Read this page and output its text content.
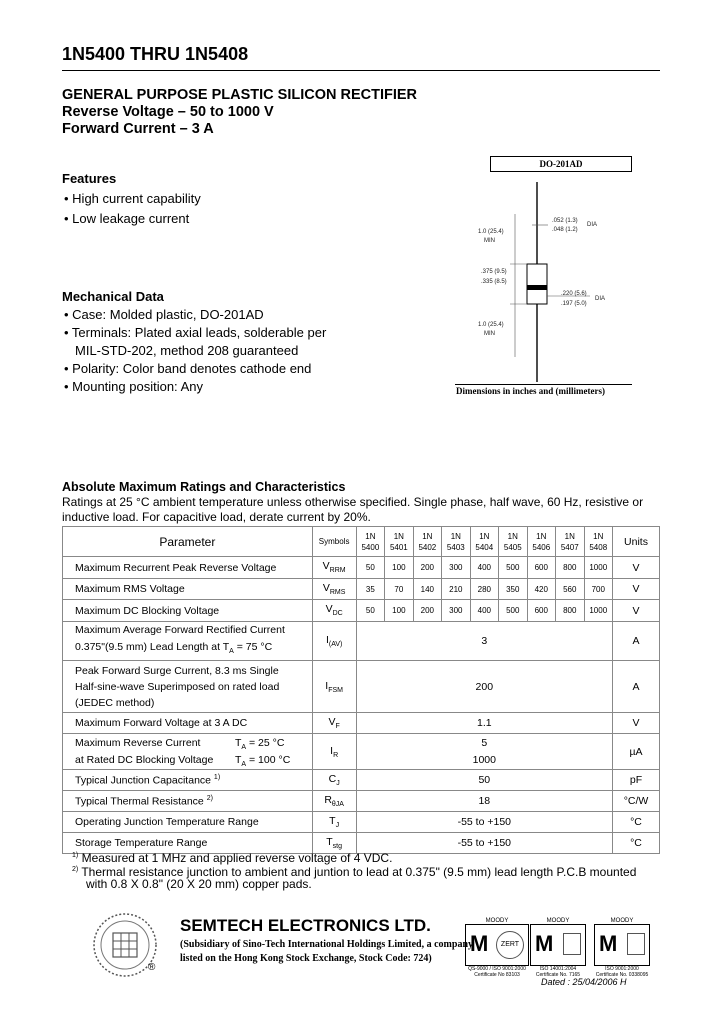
1N5400 THRU 1N5408
GENERAL PURPOSE PLASTIC SILICON RECTIFIER
Reverse Voltage – 50 to 1000 V
Forward Current – 3 A
Features
• High current capability
• Low leakage current
Mechanical Data
• Case: Molded plastic, DO-201AD
• Terminals: Plated axial leads, solderable per
MIL-STD-202, method 208 guaranteed
• Polarity: Color band denotes cathode end
• Mounting position: Any
DO-201AD
.052 (1.3)
.048 (1.2)
DIA
1.0 (25.4)
MIN
.375 (9.5)
.335 (8.5)
.220 (5.6)
.197 (5.0)
DIA
1.0 (25.4)
MIN
Dimensions in inches and (millimeters)
Absolute Maximum Ratings and Characteristics
Ratings at 25 °C ambient temperature unless otherwise specified. Single phase, half wave, 60 Hz, resistive or
inductive load. For capacitive load, derate current by 20%.
Parameter	Symbols	1N
5400	1N
5401	1N
5402	1N
5403	1N
5404	1N
5405	1N
5406	1N
5407	1N
5408	Units
Maximum Recurrent Peak Reverse Voltage	$V_{RRM}$	50	100	200	300	400	500	600	800	1000	V
Maximum RMS Voltage	$V_{RMS}$	35	70	140	210	280	350	420	560	700	V
Maximum DC Blocking Voltage	$V_{DC}$	50	100	200	300	400	500	600	800	1000	V
Maximum Average Forward Rectified Current
0.375"(9.5 mm) Lead Length at $T_A = 75$ °C	$I_{(AV)}$	3									A
Peak Forward Surge Current, 8.3 ms Single
Half-sine-wave Superimposed on rated load
(JEDEC method)	$I_{FSM}$	200									A
Maximum Forward Voltage at 3 A DC	$V_F$	1.1									V
Maximum Reverse Current $T_A = 25$ °C

at Rated DC Blocking Voltage $T_A = 100$ °C	$I_R$	5
1000									µA
Typical Junction Capacitance $^{1)}$	$C_J$	50									pF
Typical Thermal Resistance $^{2)}$	$R_{\theta JA}$	18									°C/W
Operating Junction Temperature Range	$T_J$	-55 to +150									°C
Storage Temperature Range	$T_{stg}$	-55 to +150									°C
$^{1)}$ Measured at 1 MHz and applied reverse voltage of 4 VDC.
$^{2)}$ Thermal resistance junction to ambient and juntion to lead at 0.375" (9.5 mm) lead length P.C.B mounted
with 0.8 X 0.8" (20 X 20 mm) copper pads.
®
SEMTECH ELECTRONICS LTD.
(Subsidiary of Sino-Tech International Holdings Limited, a company
listed on the Hong Kong Stock Exchange, Stock Code: 724)
MOODY
M	ZERT
QS-9000 / ISO 9001:2000
Certificate No 83103
MOODY
M
ISO 14001:2004
Certificate No. 7165
MOODY
M
ISO 9001:2000
Certificate No. 0338095
Dated : 25/04/2006 H
